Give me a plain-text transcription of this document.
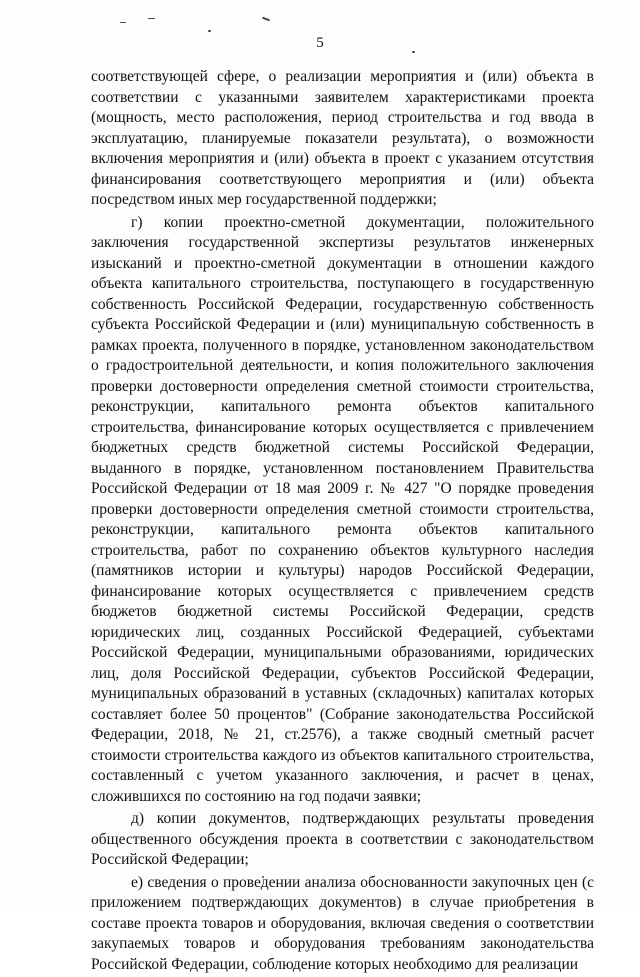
5

соответствующей сфере, о реализации мероприятия и (или) объекта в соответствии с указанными заявителем характеристиками проекта (мощность, место расположения, период строительства и год ввода в эксплуатацию, планируемые показатели результата), о возможности включения мероприятия и (или) объекта в проект с указанием отсутствия финансирования соответствующего мероприятия и (или) объекта посредством иных мер государственной поддержки;

г) копии проектно-сметной документации, положительного заключения государственной экспертизы результатов инженерных изысканий и проектно-сметной документации в отношении каждого объекта капитального строительства, поступающего в государственную собственность Российской Федерации, государственную собственность субъекта Российской Федерации и (или) муниципальную собственность в рамках проекта, полученного в порядке, установленном законодательством о градостроительной деятельности, и копия положительного заключения проверки достоверности определения сметной стоимости строительства, реконструкции, капитального ремонта объектов капитального строительства, финансирование которых осуществляется с привлечением бюджетных средств бюджетной системы Российской Федерации, выданного в порядке, установленном постановлением Правительства Российской Федерации от 18 мая 2009 г. № 427 "О порядке проведения проверки достоверности определения сметной стоимости строительства, реконструкции, капитального ремонта объектов капитального строительства, работ по сохранению объектов культурного наследия (памятников истории и культуры) народов Российской Федерации, финансирование которых осуществляется с привлечением средств бюджетов бюджетной системы Российской Федерации, средств юридических лиц, созданных Российской Федерацией, субъектами Российской Федерации, муниципальными образованиями, юридических лиц, доля Российской Федерации, субъектов Российской Федерации, муниципальных образований в уставных (складочных) капиталах которых составляет более 50 процентов" (Собрание законодательства Российской Федерации, 2018, № 21, ст.2576), а также сводный сметный расчет стоимости строительства каждого из объектов капитального строительства, составленный с учетом указанного заключения, и расчет в ценах, сложившихся по состоянию на год подачи заявки;

д) копии документов, подтверждающих результаты проведения общественного обсуждения проекта в соответствии с законодательством Российской Федерации;

е) сведения о проведении анализа обоснованности закупочных цен (с приложением подтверждающих документов) в случае приобретения в составе проекта товаров и оборудования, включая сведения о соответствии закупаемых товаров и оборудования требованиям законодательства Российской Федерации, соблюдение которых необходимо для реализации
